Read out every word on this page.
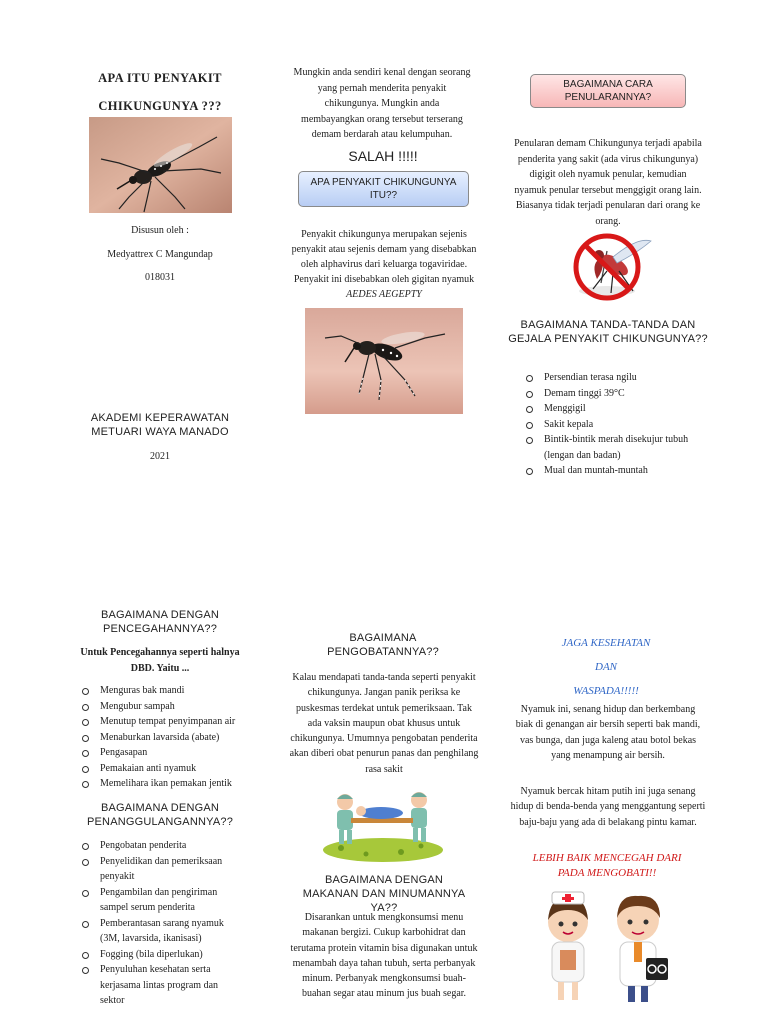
APA ITU PENYAKIT
CHIKUNGUNYA ???
Disusun oleh :
Medyattrex C Mangundap
018031
AKADEMI KEPERAWATAN
METUARI WAYA MANADO
2021
BAGAIMANA DENGAN PENCEGAHANNYA??
Untuk Pencegahannya seperti halnya DBD. Yaitu ...
Menguras bak mandi
Mengubur sampah
Menutup tempat penyimpanan air
Menaburkan lavarsida (abate)
Pengasapan
Pemakaian anti nyamuk
Memelihara ikan pemakan jentik
BAGAIMANA DENGAN PENANGGULANGANNYA??
Pengobatan penderita
Penyelidikan dan pemeriksaan penyakit
Pengambilan dan pengiriman sampel serum penderita
Pemberantasan sarang nyamuk (3M, lavarsida, ikanisasi)
Fogging (bila diperlukan)
Penyuluhan kesehatan serta kerjasama lintas program dan sektor
Mungkin anda sendiri kenal dengan seorang yang pernah menderita penyakit chikungunya. Mungkin anda membayangkan orang tersebut terserang demam berdarah atau kelumpuhan.
SALAH !!!!!
APA PENYAKIT CHIKUNGUNYA ITU??
Penyakit chikungunya merupakan sejenis penyakit atau sejenis demam yang disebabkan oleh alphavirus dari keluarga togaviridae. Penyakit ini disebabkan oleh gigitan nyamuk AEDES AEGEPTY
BAGAIMANA PENGOBATANNYA??
Kalau mendapati tanda-tanda seperti penyakit chikungunya. Jangan panik periksa ke puskesmas terdekat untuk pemeriksaan. Tak ada vaksin maupun obat khusus untuk chikungunya. Umumnya pengobatan penderita akan diberi obat penurun panas dan penghilang rasa sakit
BAGAIMANA DENGAN MAKANAN DAN MINUMANNYA YA??
Disarankan untuk mengkonsumsi menu makanan bergizi. Cukup karbohidrat dan terutama protein vitamin bisa digunakan untuk menambah daya tahan tubuh, serta perbanyak minum. Perbanyak mengkonsumsi buah-buahan segar atau minum jus buah segar.
BAGAIMANA CARA PENULARANNYA?
Penularan demam Chikungunya terjadi apabila penderita yang sakit (ada virus chikungunya) digigit oleh nyamuk penular, kemudian nyamuk penular tersebut menggigit orang lain. Biasanya tidak terjadi penularan dari orang ke orang.
BAGAIMANA TANDA-TANDA DAN GEJALA PENYAKIT CHIKUNGUNYA??
Persendian terasa ngilu
Demam tinggi 39°C
Menggigil
Sakit kepala
Bintik-bintik merah disekujur tubuh (lengan dan badan)
Mual dan muntah-muntah
JAGA KESEHATAN
DAN
WASPADA!!!!!
Nyamuk ini, senang hidup dan berkembang biak di genangan air bersih seperti bak mandi, vas bunga, dan juga kaleng atau botol bekas yang menampung air bersih.
Nyamuk bercak hitam putih ini juga senang hidup di benda-benda yang menggantung seperti baju-baju yang ada di belakang pintu kamar.
LEBIH BAIK MENCEGAH DARI PADA MENGOBATI!!
